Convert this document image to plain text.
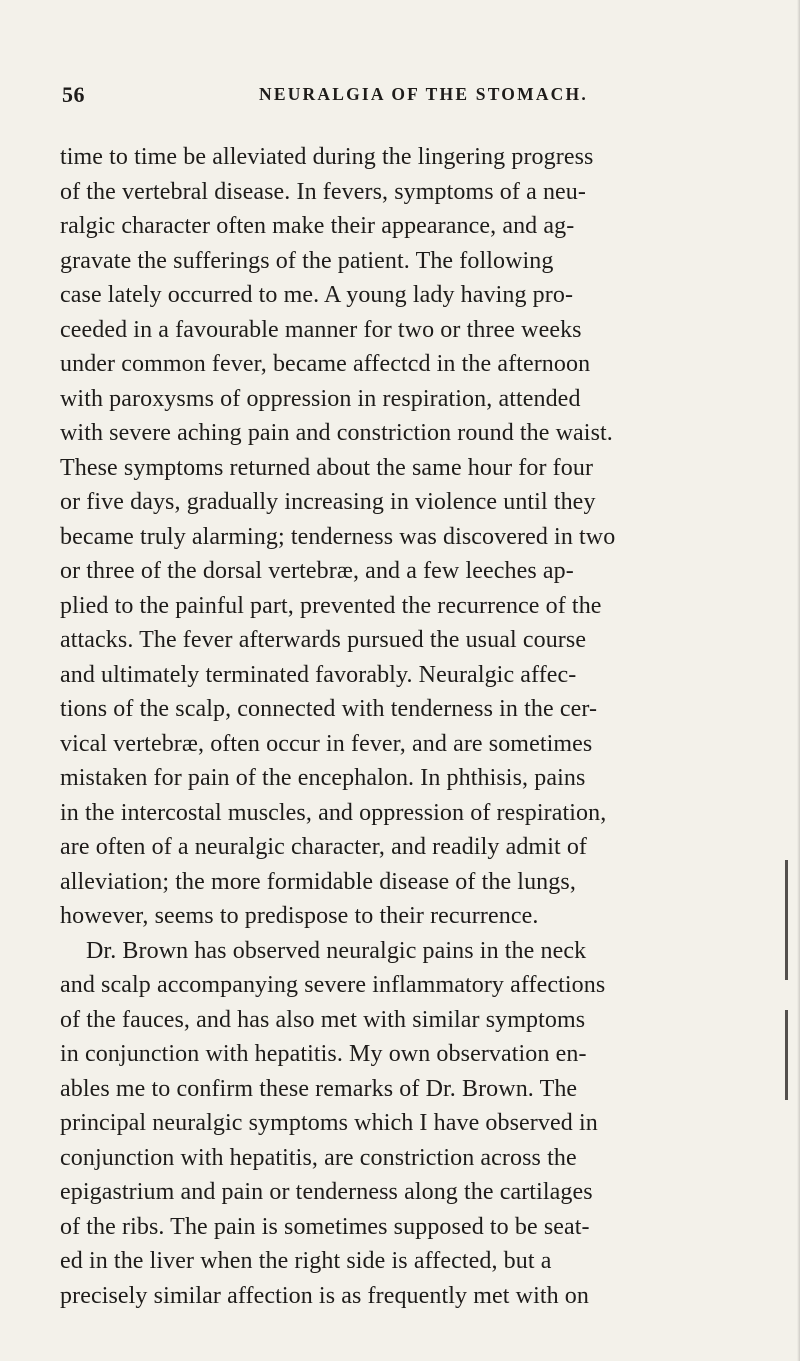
56	NEURALGIA OF THE STOMACH.
time to time be alleviated during the lingering progress
of the vertebral disease. In fevers, symptoms of a neu-
ralgic character often make their appearance, and ag-
gravate the sufferings of the patient. The following
case lately occurred to me. A young lady having pro-
ceeded in a favourable manner for two or three weeks
under common fever, became affectcd in the afternoon
with paroxysms of oppression in respiration, attended
with severe aching pain and constriction round the waist.
These symptoms returned about the same hour for four
or five days, gradually increasing in violence until they
became truly alarming; tenderness was discovered in two
or three of the dorsal vertebræ, and a few leeches ap-
plied to the painful part, prevented the recurrence of the
attacks. The fever afterwards pursued the usual course
and ultimately terminated favorably. Neuralgic affec-
tions of the scalp, connected with tenderness in the cer-
vical vertebræ, often occur in fever, and are sometimes
mistaken for pain of the encephalon. In phthisis, pains
in the intercostal muscles, and oppression of respiration,
are often of a neuralgic character, and readily admit of
alleviation; the more formidable disease of the lungs,
however, seems to predispose to their recurrence.
Dr. Brown has observed neuralgic pains in the neck
and scalp accompanying severe inflammatory affections
of the fauces, and has also met with similar symptoms
in conjunction with hepatitis. My own observation en-
ables me to confirm these remarks of Dr. Brown. The
principal neuralgic symptoms which I have observed in
conjunction with hepatitis, are constriction across the
epigastrium and pain or tenderness along the cartilages
of the ribs. The pain is sometimes supposed to be seat-
ed in the liver when the right side is affected, but a
precisely similar affection is as frequently met with on
